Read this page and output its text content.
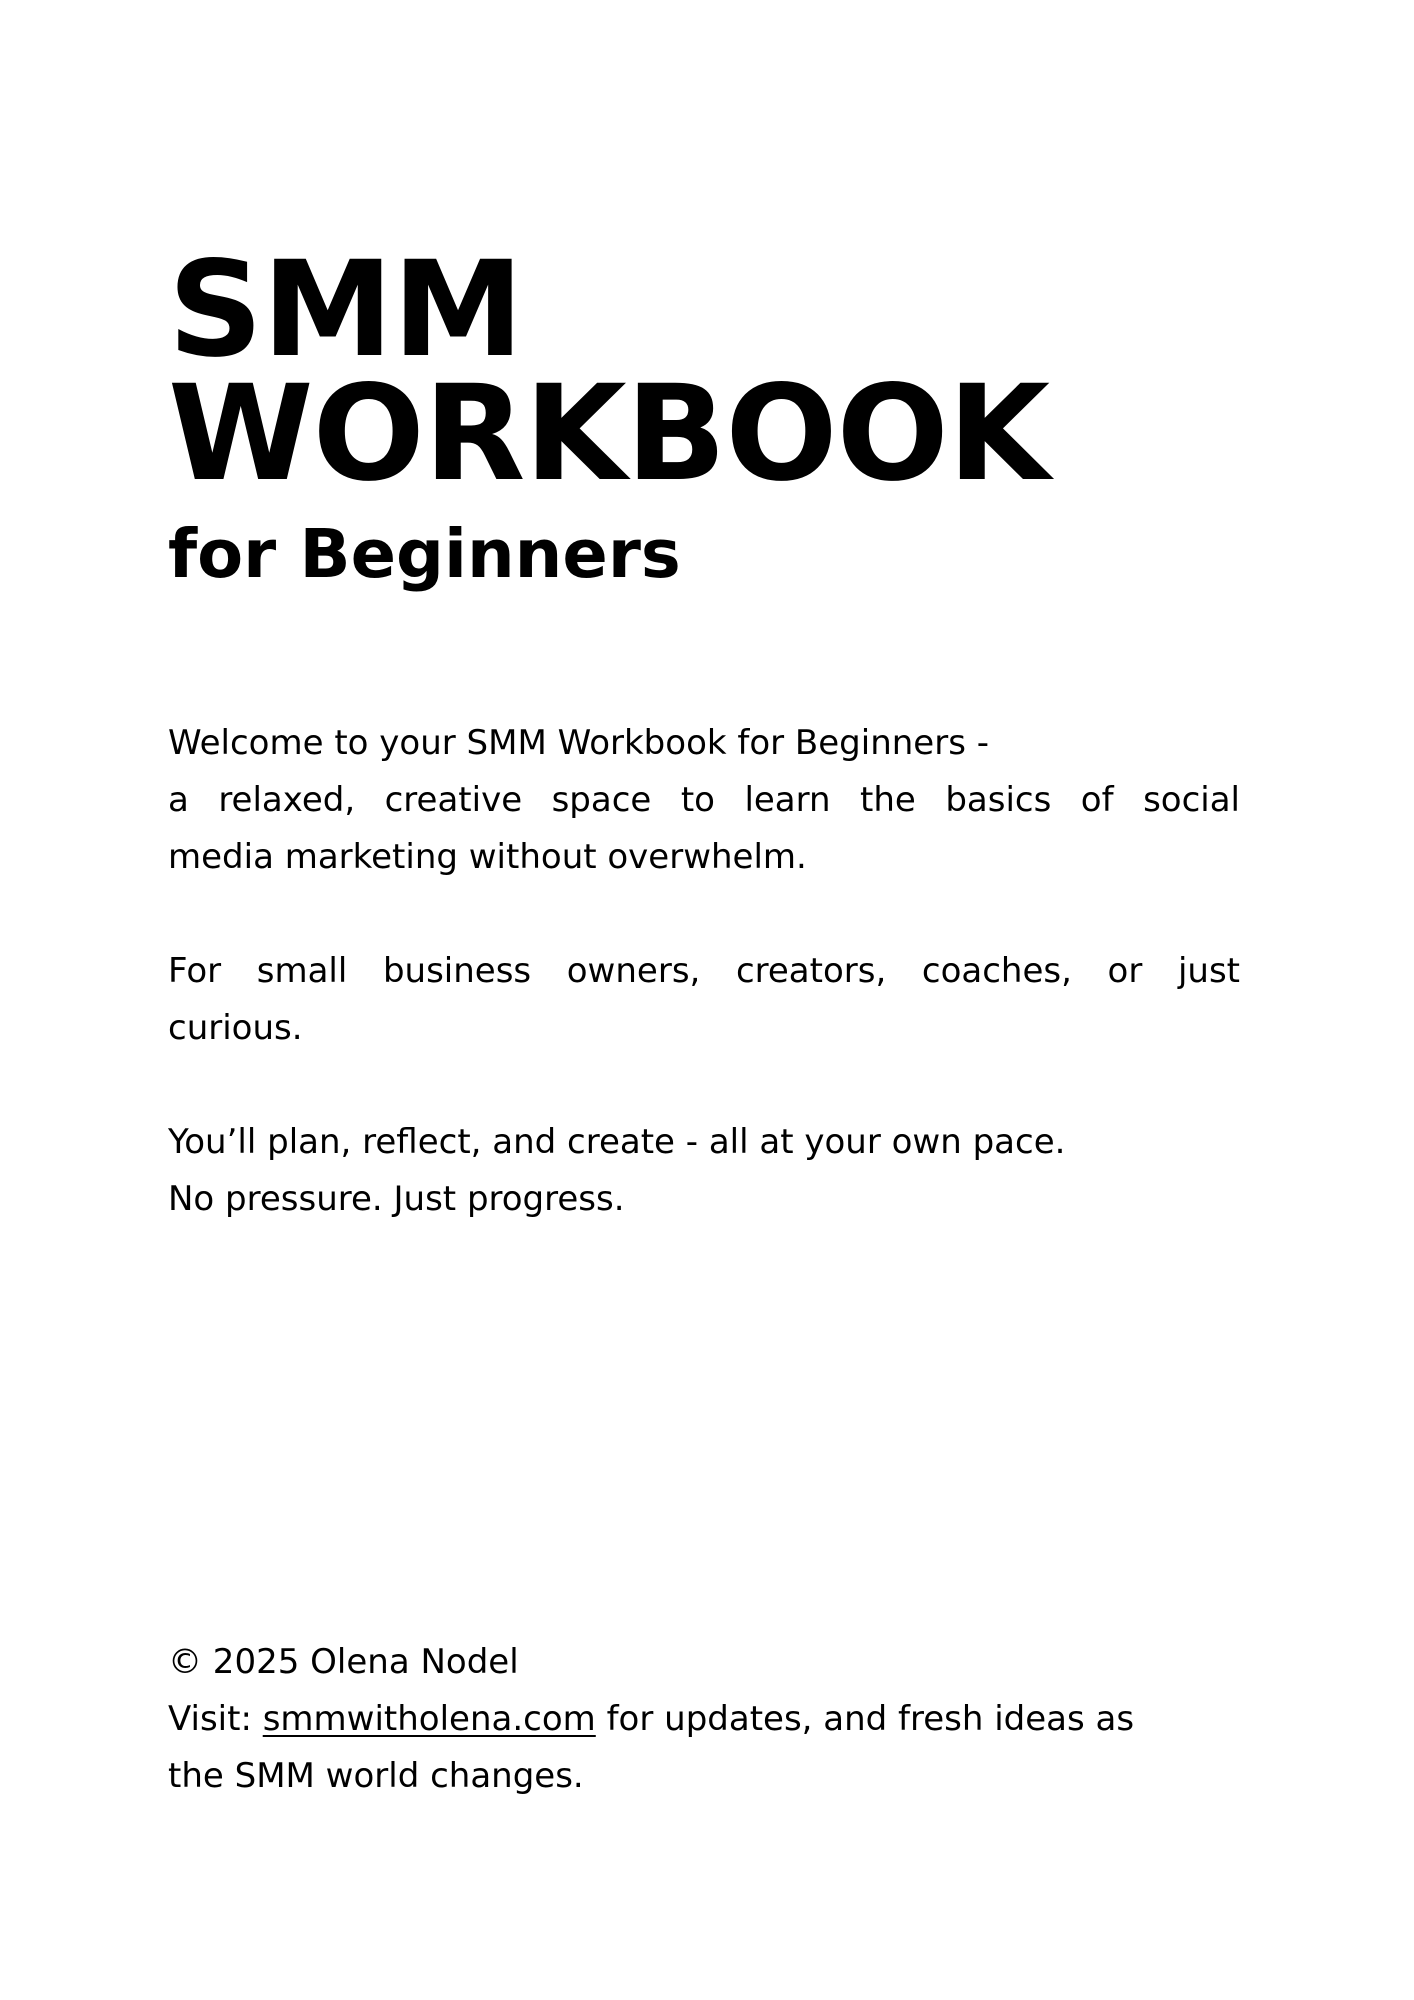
SMM
WORKBOOK
for Beginners
Welcome to your SMM Workbook for Beginners -
a relaxed, creative space to learn the basics of social
media marketing without overwhelm.
For small business owners, creators, coaches, or just
curious.
You’ll plan, reflect, and create - all at your own pace.
No pressure. Just progress.
© 2025 Olena Nodel
Visit: smmwitholena.com for updates, and fresh ideas as
the SMM world changes.
